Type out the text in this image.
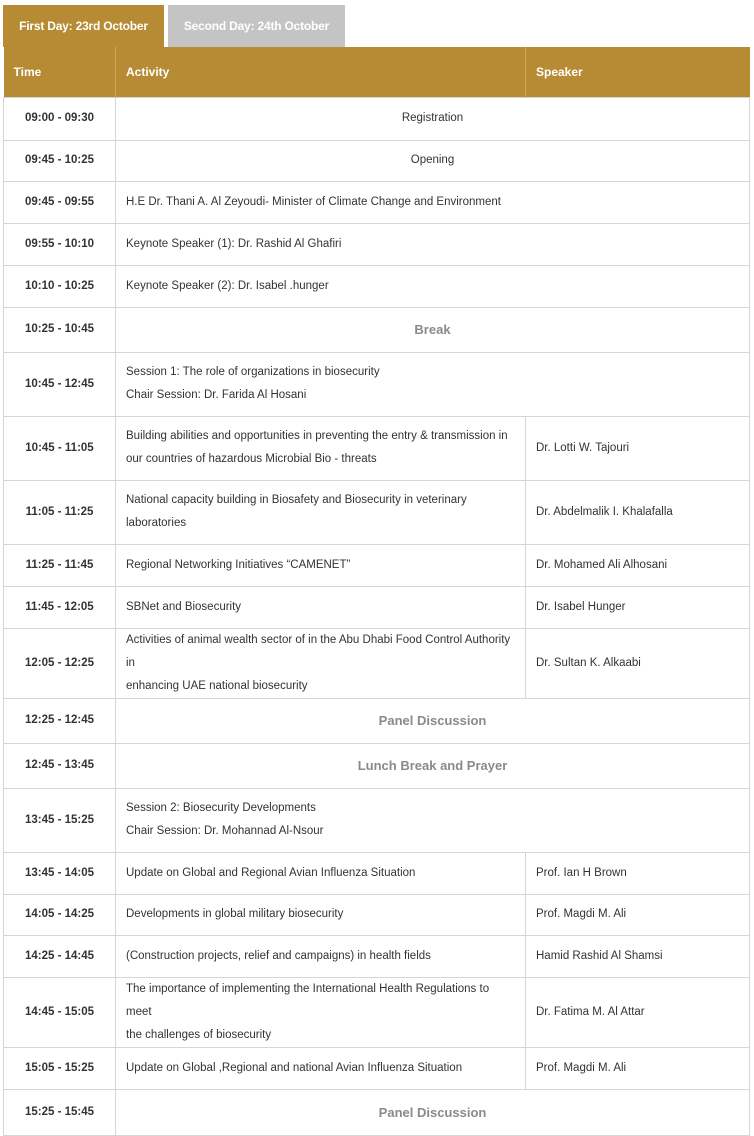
First Day: 23rd October	Second Day: 24th October
Time	Activity	Speaker
09:00 - 09:30	Registration	
09:45 - 10:25	Opening	
09:45 - 09:55	H.E Dr. Thani A. Al Zeyoudi- Minister of Climate Change and Environment	
09:55 - 10:10	Keynote Speaker (1): Dr. Rashid Al Ghafiri	
10:10 - 10:25	Keynote Speaker (2): Dr. Isabel .hunger	
10:25 - 10:45	Break	
10:45 - 12:45	Session 1: The role of organizations in biosecurity
Chair Session: Dr. Farida Al Hosani	

10:45 - 11:05	Building abilities and opportunities in preventing the entry & transmission in
our countries of hazardous Microbial Bio - threats	Dr. Lotti W. Tajouri
11:05 - 11:25	National capacity building in Biosafety and Biosecurity in veterinary
laboratories	Dr. Abdelmalik I. Khalafalla
11:25 - 11:45	Regional Networking Initiatives “CAMENET”	Dr. Mohamed Ali Alhosani
11:45 - 12:05	SBNet and Biosecurity	Dr. Isabel Hunger
12:05 - 12:25	Activities of animal wealth sector of in the Abu Dhabi Food Control Authority in
enhancing UAE national biosecurity	Dr. Sultan K. Alkaabi
12:25 - 12:45	Panel Discussion	
12:45 - 13:45	Lunch Break and Prayer	
13:45 - 15:25	Session 2: Biosecurity Developments
Chair Session: Dr. Mohannad Al-Nsour	

13:45 - 14:05	Update on Global and Regional Avian Influenza Situation	Prof. Ian H Brown
14:05 - 14:25	Developments in global military biosecurity	Prof. Magdi M. Ali
14:25 - 14:45	(Construction projects, relief and campaigns) in health fields	Hamid Rashid Al Shamsi
14:45 - 15:05	The importance of implementing the International Health Regulations to meet
the challenges of biosecurity	Dr. Fatima M. Al Attar
15:05 - 15:25	Update on Global ,Regional and national Avian Influenza Situation	Prof. Magdi M. Ali
15:25 - 15:45	Panel Discussion	
